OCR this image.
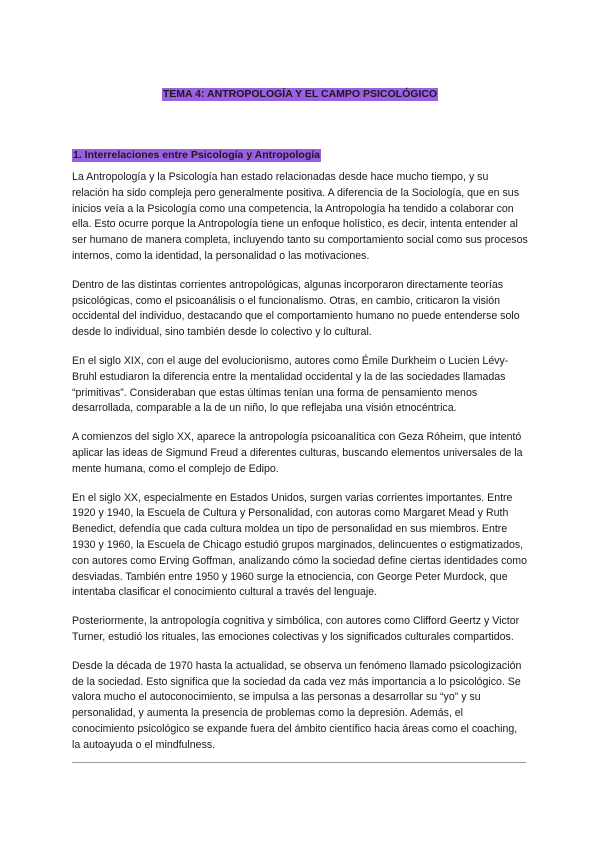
TEMA 4: ANTROPOLOGÍA Y EL CAMPO PSICOLÓGICO
1. Interrelaciones entre Psicología y Antropología

La Antropología y la Psicología han estado relacionadas desde hace mucho tiempo, y su relación ha sido compleja pero generalmente positiva. A diferencia de la Sociología, que en sus inicios veía a la Psicología como una competencia, la Antropología ha tendido a colaborar con ella. Esto ocurre porque la Antropología tiene un enfoque holístico, es decir, intenta entender al ser humano de manera completa, incluyendo tanto su comportamiento social como sus procesos internos, como la identidad, la personalidad o las motivaciones.

Dentro de las distintas corrientes antropológicas, algunas incorporaron directamente teorías psicológicas, como el psicoanálisis o el funcionalismo. Otras, en cambio, criticaron la visión occidental del individuo, destacando que el comportamiento humano no puede entenderse solo desde lo individual, sino también desde lo colectivo y lo cultural.

En el siglo XIX, con el auge del evolucionismo, autores como Émile Durkheim o Lucien Lévy-Bruhl estudiaron la diferencia entre la mentalidad occidental y la de las sociedades llamadas “primitivas”. Consideraban que estas últimas tenían una forma de pensamiento menos desarrollada, comparable a la de un niño, lo que reflejaba una visión etnocéntrica.

A comienzos del siglo XX, aparece la antropología psicoanalítica con Geza Róheim, que intentó aplicar las ideas de Sigmund Freud a diferentes culturas, buscando elementos universales de la mente humana, como el complejo de Edipo.

En el siglo XX, especialmente en Estados Unidos, surgen varias corrientes importantes. Entre 1920 y 1940, la Escuela de Cultura y Personalidad, con autoras como Margaret Mead y Ruth Benedict, defendía que cada cultura moldea un tipo de personalidad en sus miembros. Entre 1930 y 1960, la Escuela de Chicago estudió grupos marginados, delincuentes o estigmatizados, con autores como Erving Goffman, analizando cómo la sociedad define ciertas identidades como desviadas. También entre 1950 y 1960 surge la etnociencia, con George Peter Murdock, que intentaba clasificar el conocimiento cultural a través del lenguaje.

Posteriormente, la antropología cognitiva y simbólica, con autores como Clifford Geertz y Victor Turner, estudió los rituales, las emociones colectivas y los significados culturales compartidos.

Desde la década de 1970 hasta la actualidad, se observa un fenómeno llamado psicologización de la sociedad. Esto significa que la sociedad da cada vez más importancia a lo psicológico. Se valora mucho el autoconocimiento, se impulsa a las personas a desarrollar su “yo” y su personalidad, y aumenta la presencia de problemas como la depresión. Además, el conocimiento psicológico se expande fuera del ámbito científico hacia áreas como el coaching, la autoayuda o el mindfulness.
